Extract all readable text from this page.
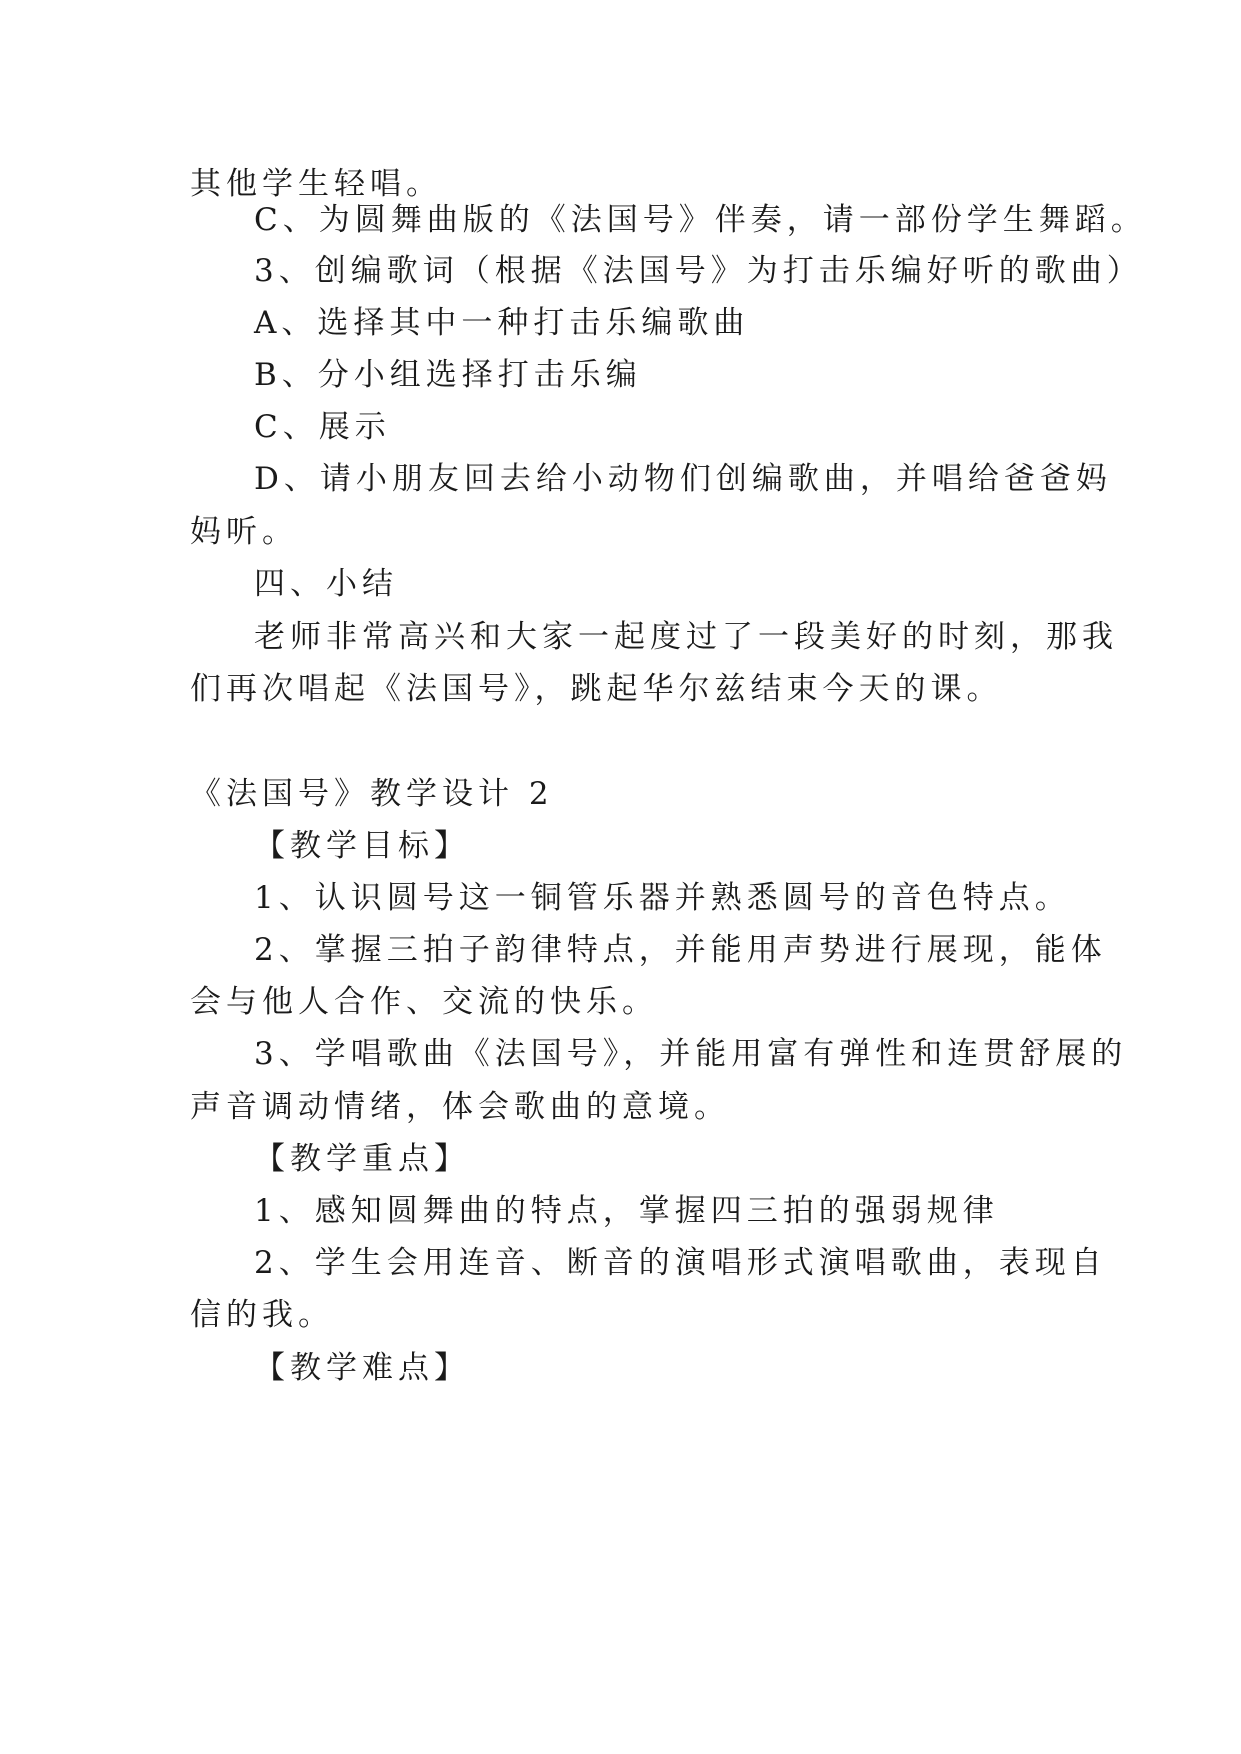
其他学生轻唱。
C、为圆舞曲版的《法国号》伴奏，请一部份学生舞蹈。
3、创编歌词（根据《法国号》为打击乐编好听的歌曲）
A、选择其中一种打击乐编歌曲
B、分小组选择打击乐编
C、展示
D、请小朋友回去给小动物们创编歌曲，并唱给爸爸妈
妈听。
四、小结
老师非常高兴和大家一起度过了一段美好的时刻，那我
们再次唱起《法国号》，跳起华尔兹结束今天的课。
《法国号》教学设计 2
【教学目标】
1、认识圆号这一铜管乐器并熟悉圆号的音色特点。
2、掌握三拍子韵律特点，并能用声势进行展现，能体
会与他人合作、交流的快乐。
3、学唱歌曲《法国号》，并能用富有弹性和连贯舒展的
声音调动情绪，体会歌曲的意境。
【教学重点】
1、感知圆舞曲的特点，掌握四三拍的强弱规律
2、学生会用连音、断音的演唱形式演唱歌曲，表现自
信的我。
【教学难点】
